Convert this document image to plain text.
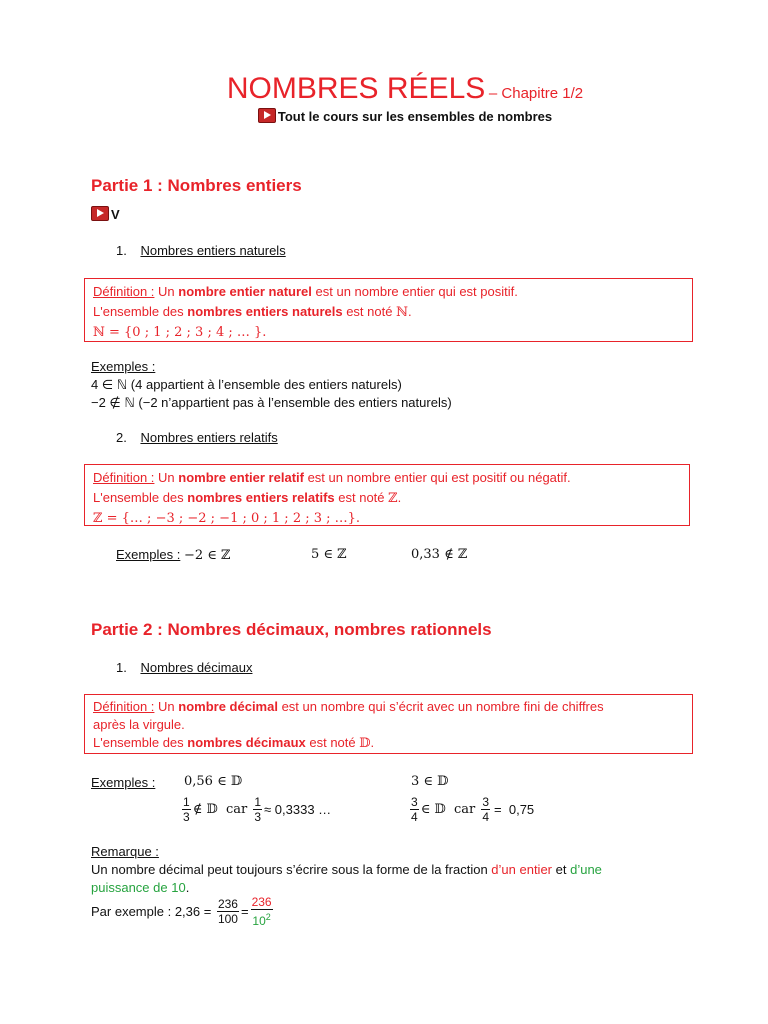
NOMBRES RÉELS – Chapitre 1/2
Tout le cours sur les ensembles de nombres
Partie 1 : Nombres entiers
V
1. Nombres entiers naturels
Définition : Un nombre entier naturel est un nombre entier qui est positif.
L'ensemble des nombres entiers naturels est noté ℕ.
ℕ = {0 ; 1 ; 2 ; 3 ; 4 ; … }.
Exemples :
4 ∈ ℕ (4 appartient à l’ensemble des entiers naturels)
−2 ∉ ℕ (−2 n’appartient pas à l’ensemble des entiers naturels)
2. Nombres entiers relatifs
Définition : Un nombre entier relatif est un nombre entier qui est positif ou négatif.
L'ensemble des nombres entiers relatifs est noté ℤ.
ℤ = {… ; −3 ; −2 ; −1 ; 0 ; 1 ; 2 ; 3 ; …}.
Exemples : −2 ∈ ℤ	5 ∈ ℤ	0,33 ∉ ℤ
Partie 2 : Nombres décimaux, nombres rationnels
1. Nombres décimaux
Définition : Un nombre décimal est un nombre qui s’écrit avec un nombre fini de chiffres
après la virgule.
L'ensemble des nombres décimaux est noté 𝔻.
Exemples : 0,56 ∈ 𝔻	3 ∈ 𝔻
$\frac{1}{3}$ ∉ 𝔻  car $\frac{1}{3} \approx 0,3333$ …	$\frac{3}{4}$ ∈ 𝔻  car $\frac{3}{4} = 0,75$
Remarque :
Un nombre décimal peut toujours s’écrire sous la forme de la fraction d’un entier et d’une
puissance de 10.
Par exemple : $2,36 = \frac{236}{100} = \frac{236}{10^2}$
